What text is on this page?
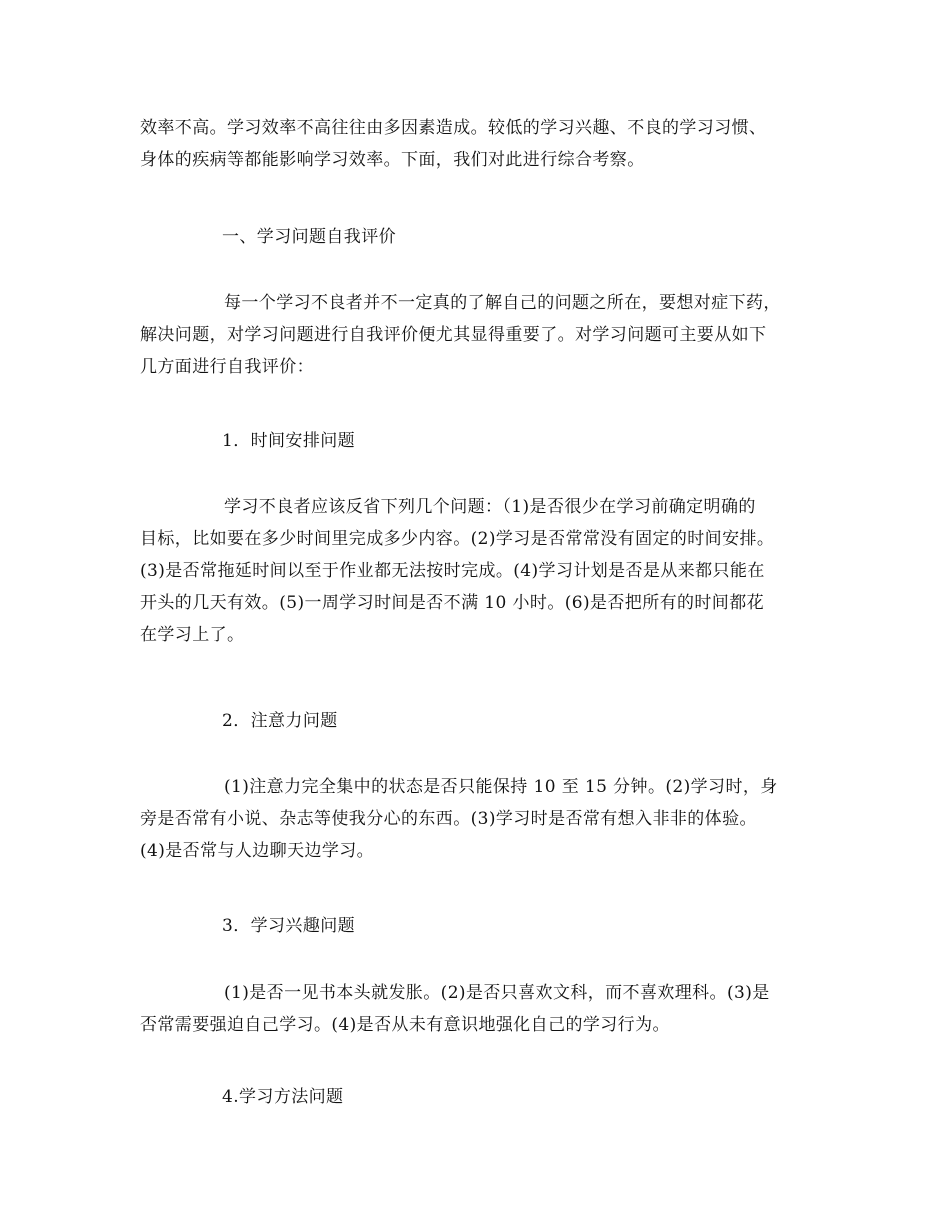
效率不高。学习效率不高往往由多因素造成。较低的学习兴趣、不良的学习习惯、
身体的疾病等都能影响学习效率。下面，我们对此进行综合考察。
一、学习问题自我评价
每一个学习不良者并不一定真的了解自己的问题之所在，要想对症下药，
解决问题，对学习问题进行自我评价便尤其显得重要了。对学习问题可主要从如下
几方面进行自我评价：
1．时间安排问题
学习不良者应该反省下列几个问题：（1)是否很少在学习前确定明确的
目标，比如要在多少时间里完成多少内容。(2)学习是否常常没有固定的时间安排。
(3)是否常拖延时间以至于作业都无法按时完成。(4)学习计划是否是从来都只能在
开头的几天有效。(5)一周学习时间是否不满 10 小时。(6)是否把所有的时间都花
在学习上了。
2．注意力问题
(1)注意力完全集中的状态是否只能保持 10 至 15 分钟。(2)学习时，身
旁是否常有小说、杂志等使我分心的东西。(3)学习时是否常有想入非非的体验。
(4)是否常与人边聊天边学习。
3．学习兴趣问题
(1)是否一见书本头就发胀。(2)是否只喜欢文科，而不喜欢理科。(3)是
否常需要强迫自己学习。(4)是否从未有意识地强化自己的学习行为。
4.学习方法问题
